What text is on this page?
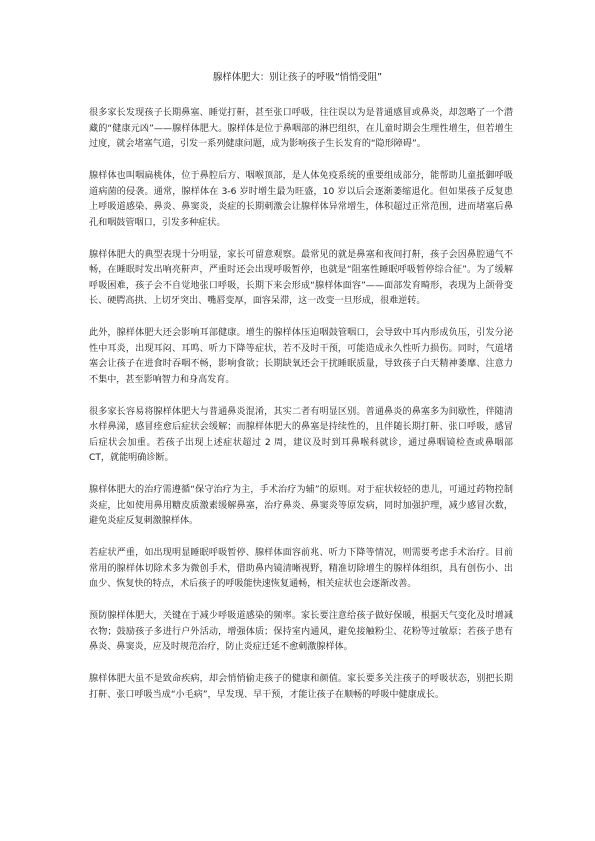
腺样体肥大：别让孩子的呼吸“悄悄受阻”

很多家长发现孩子长期鼻塞、睡觉打鼾，甚至张口呼吸，往往误以为是普通感冒或鼻炎，却忽略了一个潜藏的“健康元凶”——腺样体肥大。腺样体是位于鼻咽部的淋巴组织，在儿童时期会生理性增生，但若增生过度，就会堵塞气道，引发一系列健康问题，成为影响孩子生长发育的“隐形障碍”。

腺样体也叫咽扁桃体，位于鼻腔后方、咽喉顶部，是人体免疫系统的重要组成部分，能帮助儿童抵御呼吸道病菌的侵袭。通常，腺样体在 3-6 岁时增生最为旺盛，10 岁以后会逐渐萎缩退化。但如果孩子反复患上呼吸道感染、鼻炎、鼻窦炎，炎症的长期刺激会让腺样体异常增生，体积超过正常范围，进而堵塞后鼻孔和咽鼓管咽口，引发多种症状。

腺样体肥大的典型表现十分明显，家长可留意观察。最常见的就是鼻塞和夜间打鼾，孩子会因鼻腔通气不畅，在睡眠时发出响亮鼾声，严重时还会出现呼吸暂停，也就是“阻塞性睡眠呼吸暂停综合征”。为了缓解呼吸困难，孩子会不自觉地张口呼吸，长期下来会形成“腺样体面容”——面部发育畸形，表现为上颌骨变长、硬腭高拱、上切牙突出、嘴唇变厚，面容呆滞，这一改变一旦形成，很难逆转。

此外，腺样体肥大还会影响耳部健康。增生的腺样体压迫咽鼓管咽口，会导致中耳内形成负压，引发分泌性中耳炎，出现耳闷、耳鸣、听力下降等症状，若不及时干预，可能造成永久性听力损伤。同时，气道堵塞会让孩子在进食时吞咽不畅，影响食欲；长期缺氧还会干扰睡眠质量，导致孩子白天精神萎靡、注意力不集中，甚至影响智力和身高发育。

很多家长容易将腺样体肥大与普通鼻炎混淆，其实二者有明显区别。普通鼻炎的鼻塞多为间歇性，伴随清水样鼻涕，感冒痊愈后症状会缓解；而腺样体肥大的鼻塞是持续性的，且伴随长期打鼾、张口呼吸，感冒后症状会加重。若孩子出现上述症状超过 2 周，建议及时到耳鼻喉科就诊，通过鼻咽镜检查或鼻咽部 CT，就能明确诊断。

腺样体肥大的治疗需遵循“保守治疗为主，手术治疗为辅”的原则。对于症状较轻的患儿，可通过药物控制炎症，比如使用鼻用糖皮质激素缓解鼻塞，治疗鼻炎、鼻窦炎等原发病，同时加强护理，减少感冒次数，避免炎症反复刺激腺样体。

若症状严重，如出现明显睡眠呼吸暂停、腺样体面容前兆、听力下降等情况，则需要考虑手术治疗。目前常用的腺样体切除术多为微创手术，借助鼻内镜清晰视野，精准切除增生的腺样体组织，具有创伤小、出血少、恢复快的特点，术后孩子的呼吸能快速恢复通畅，相关症状也会逐渐改善。

预防腺样体肥大，关键在于减少呼吸道感染的频率。家长要注意给孩子做好保暖，根据天气变化及时增减衣物；鼓励孩子多进行户外活动，增强体质；保持室内通风，避免接触粉尘、花粉等过敏原；若孩子患有鼻炎、鼻窦炎，应及时规范治疗，防止炎症迁延不愈刺激腺样体。

腺样体肥大虽不是致命疾病，却会悄悄偷走孩子的健康和颜值。家长要多关注孩子的呼吸状态，别把长期打鼾、张口呼吸当成“小毛病”，早发现、早干预，才能让孩子在顺畅的呼吸中健康成长。
